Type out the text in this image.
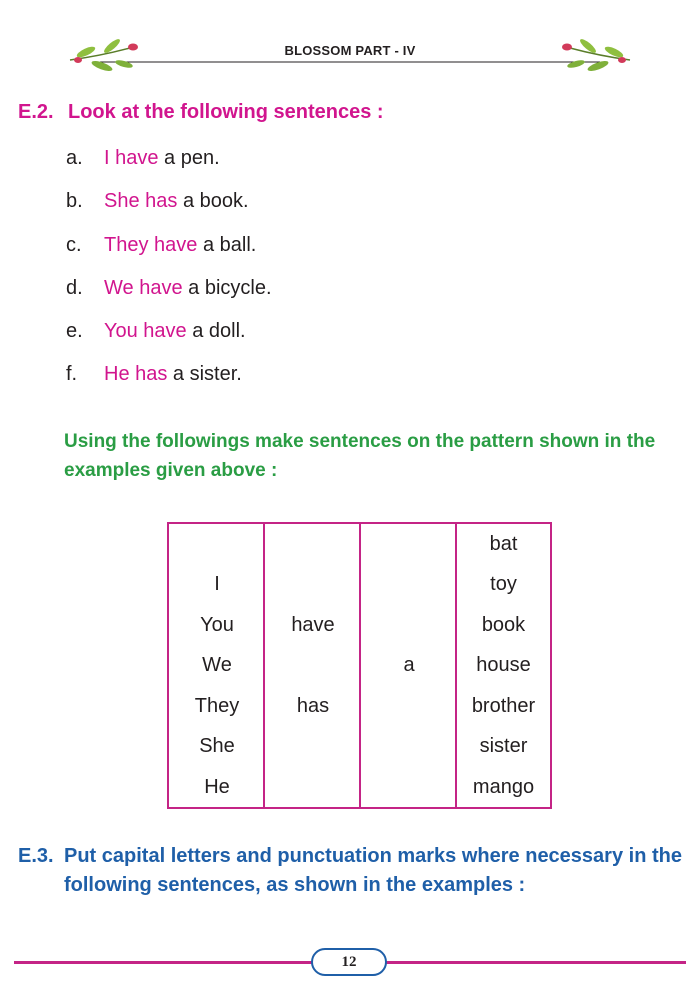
BLOSSOM PART - IV
E.2. Look at the following sentences :
a. I have a pen.
b. She has a book.
c. They have a ball.
d. We have a bicycle.
e. You have a doll.
f. He has a sister.
Using the followings make sentences on the pattern shown in the examples given above :
I
You
We
They
She
He
have
has
a
bat
toy
book
house
brother
sister
mango
E.3. Put capital letters and punctuation marks where necessary in the following sentences, as shown in the examples :
12
